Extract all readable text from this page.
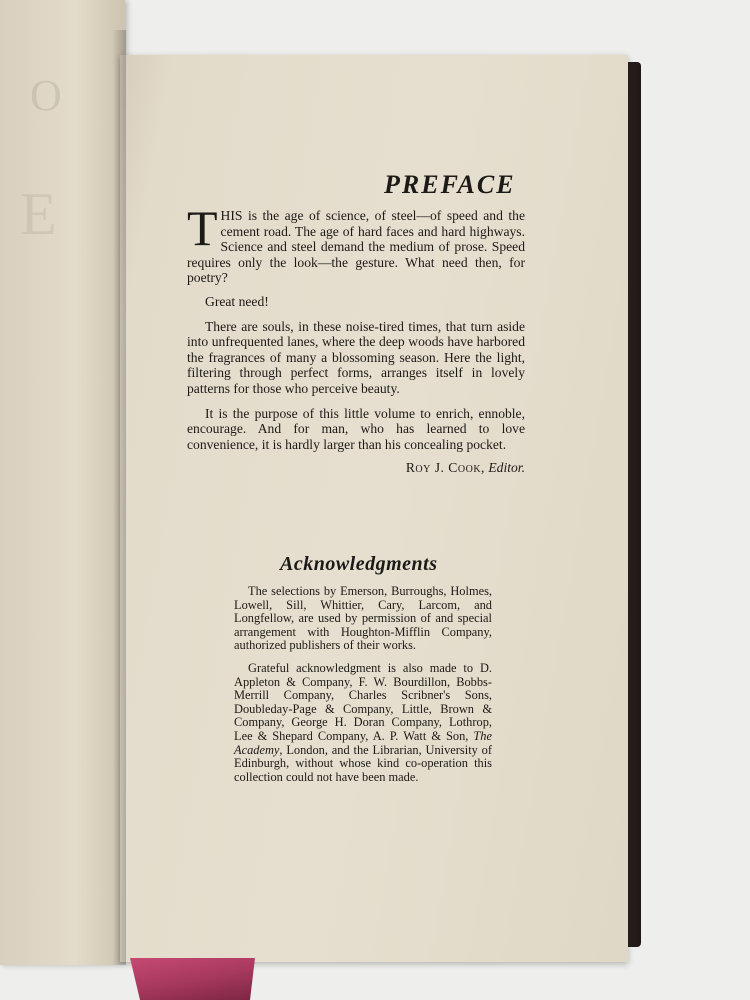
O
E	PREFACE

THIS is the age of science, of steel—of speed and the cement road. The age of hard faces and hard highways. Science and steel demand the medium of prose. Speed requires only the look—the gesture. What need then, for poetry?

Great need!

There are souls, in these noise-tired times, that turn aside into unfrequented lanes, where the deep woods have harbored the fragrances of many a blossoming season. Here the light, filtering through perfect forms, arranges itself in lovely patterns for those who perceive beauty.

It is the purpose of this little volume to enrich, ennoble, encourage. And for man, who has learned to love convenience, it is hardly larger than his concealing pocket.

Roy J. Cook, Editor.

Acknowledgments

The selections by Emerson, Burroughs, Holmes, Lowell, Sill, Whittier, Cary, Larcom, and Longfellow, are used by permission of and special arrangement with Houghton-Mifflin Company, authorized publishers of their works.

Grateful acknowledgment is also made to D. Appleton & Company, F. W. Bourdillon, Bobbs-Merrill Company, Charles Scribner's Sons, Doubleday-Page & Company, Little, Brown & Company, George H. Doran Company, Lothrop, Lee & Shepard Company, A. P. Watt & Son, The Academy, London, and the Librarian, University of Edinburgh, without whose kind co-operation this collection could not have been made.
